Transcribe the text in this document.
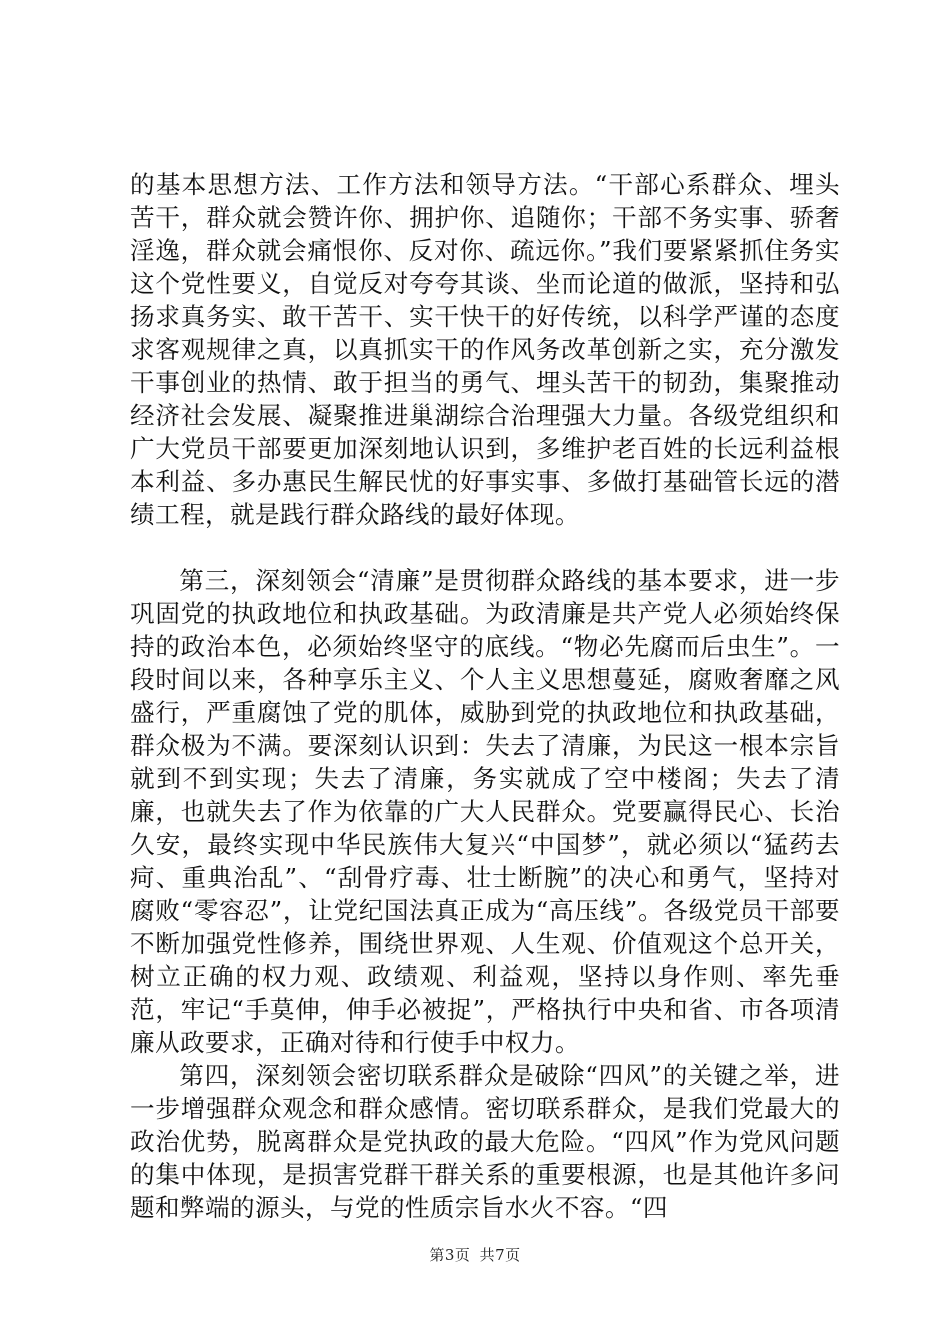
的基本思想方法、工作方法和领导方法。“干部心系群众、埋头苦干，群众就会赞许你、拥护你、追随你；干部不务实事、骄奢淫逸，群众就会痛恨你、反对你、疏远你。”我们要紧紧抓住务实这个党性要义，自觉反对夸夸其谈、坐而论道的做派，坚持和弘扬求真务实、敢干苦干、实干快干的好传统，以科学严谨的态度求客观规律之真，以真抓实干的作风务改革创新之实，充分激发干事创业的热情、敢于担当的勇气、埋头苦干的韧劲，集聚推动经济社会发展、凝聚推进巢湖综合治理强大力量。各级党组织和广大党员干部要更加深刻地认识到，多维护老百姓的长远利益根本利益、多办惠民生解民忧的好事实事、多做打基础管长远的潜绩工程，就是践行群众路线的最好体现。

第三，深刻领会“清廉”是贯彻群众路线的基本要求，进一步巩固党的执政地位和执政基础。为政清廉是共产党人必须始终保持的政治本色，必须始终坚守的底线。“物必先腐而后虫生”。一段时间以来，各种享乐主义、个人主义思想蔓延，腐败奢靡之风盛行，严重腐蚀了党的肌体，威胁到党的执政地位和执政基础，群众极为不满。要深刻认识到：失去了清廉，为民这一根本宗旨就到不到实现；失去了清廉，务实就成了空中楼阁；失去了清廉，也就失去了作为依靠的广大人民群众。党要赢得民心、长治久安，最终实现中华民族伟大复兴“中国梦”，就必须以“猛药去疴、重典治乱”、“刮骨疗毒、壮士断腕”的决心和勇气，坚持对腐败“零容忍”，让党纪国法真正成为“高压线”。各级党员干部要不断加强党性修养，围绕世界观、人生观、价值观这个总开关，树立正确的权力观、政绩观、利益观，坚持以身作则、率先垂范，牢记“手莫伸，伸手必被捉”，严格执行中央和省、市各项清廉从政要求，正确对待和行使手中权力。

第四，深刻领会密切联系群众是破除“四风”的关键之举，进一步增强群众观念和群众感情。密切联系群众，是我们党最大的政治优势，脱离群众是党执政的最大危险。“四风”作为党风问题的集中体现，是损害党群干群关系的重要根源，也是其他许多问题和弊端的源头，与党的性质宗旨水火不容。“四

第3页 共7页
